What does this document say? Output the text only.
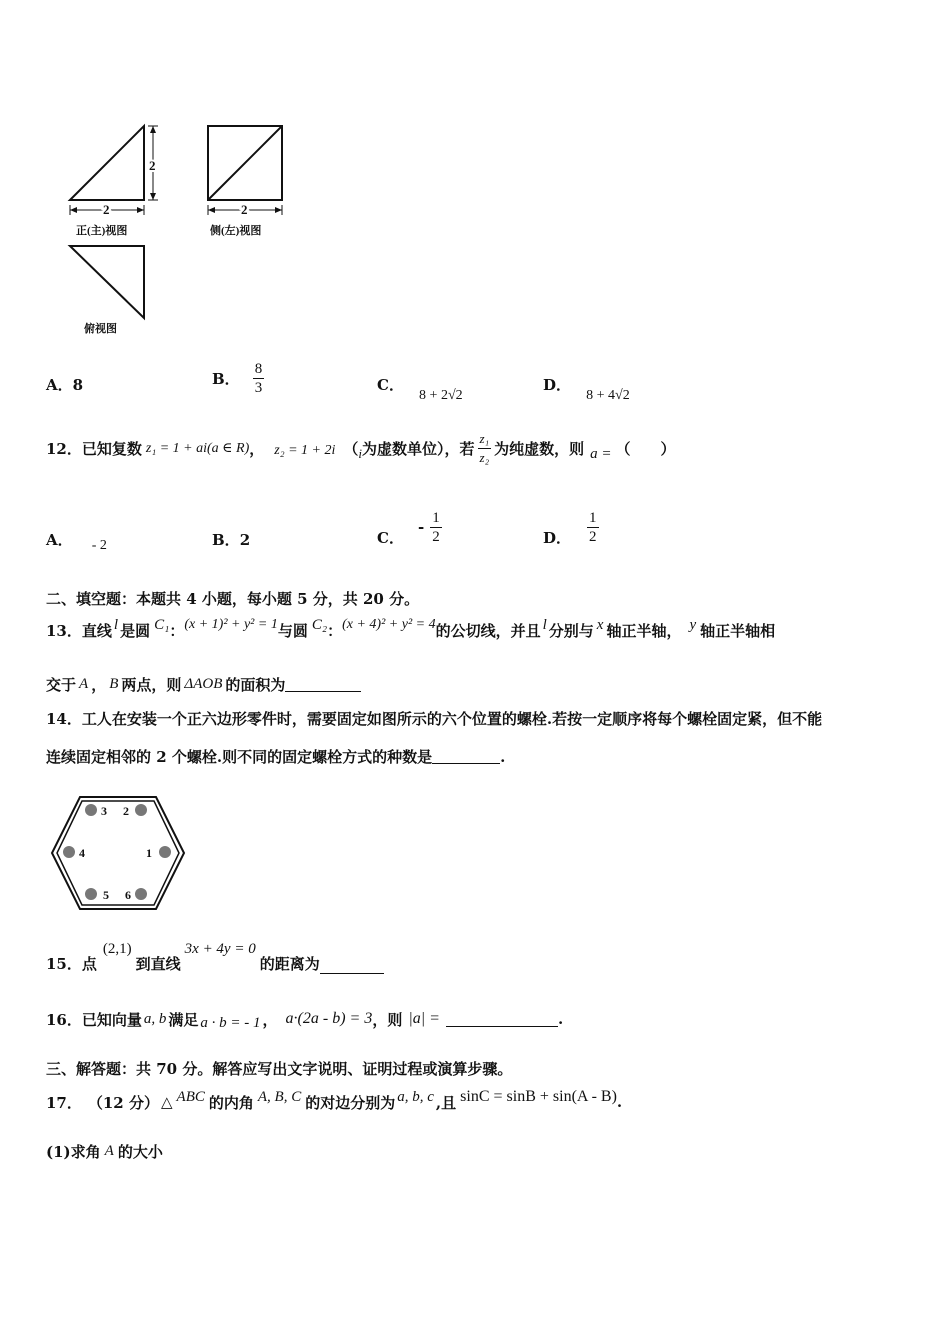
2
2
正(主)视图
2
侧(左)视图
俯视图
A．8	B． $\frac{8}{3}$	C． 8 + 2√2
D． 8 + 4√2
12． 已知复数 z₁ = 1 + ai(a ∈ R) ， z₂ = 1 + 2i （ i 为虚数单位），若 $\frac{\text{z₁}}{\text{z₂}}$ 为纯虚数，则 a = （　　）
A． - 2	B．2	C．
- $\frac{1}{2}$	D． $\frac{1}{2}$
二、填空题：本题共 4 小题，每小题 5 分，共 20 分。
13． 直线 l 是圆 C₁ ： (x + 1)² + y² = 1 与圆 C₂ ： (x + 4)² + y² = 4 的公切线，并且 l 分别与 x 轴正半轴， y 轴正半轴相
交于 A ， B 两点，则 ΔAOB 的面积为
14．工人在安装一个正六边形零件时，需要固定如图所示的六个位置的螺栓.若按一定顺序将每个螺栓固定紧，但不能
连续固定相邻的 2 个螺栓.则不同的固定螺栓方式的种数是	.
3 2
4	1
5 6
15． 点
(2,1)
到直线
3x + 4y = 0
的距离为
16． 已知向量 a, b 满足 a · b = - 1 ， a·(2a - b) = 3 ，则 |a| =	.
三、解答题：共 70 分。解答应写出文字说明、证明过程或演算步骤。
17． （12 分） △ ABC 的内角 A, B, C 的对边分别为 a, b, c ,且 sinC = sinB + sin(A - B) .
(1)求角 A 的大小
